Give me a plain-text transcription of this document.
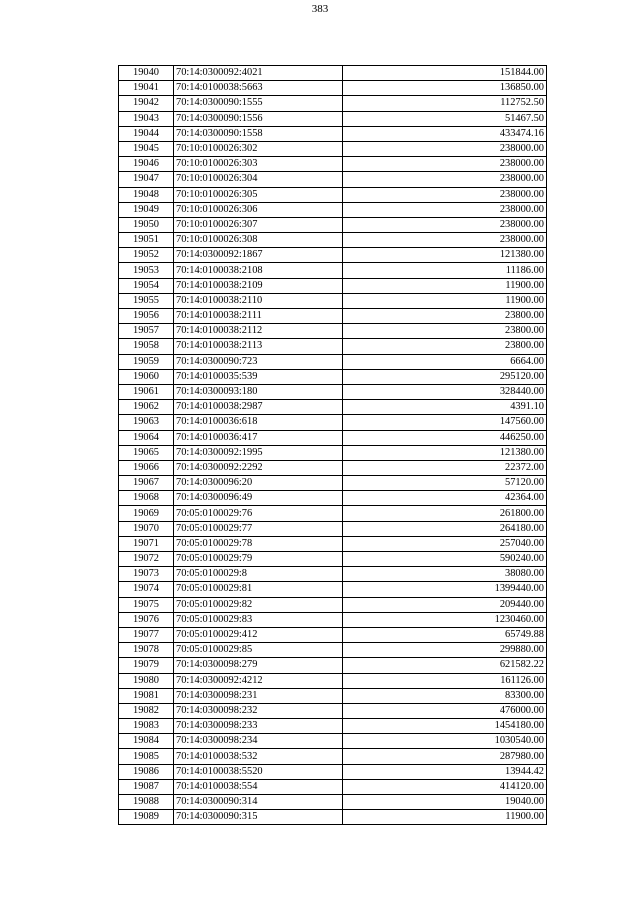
383
19040	70:14:0300092:4021	151844.00
19041	70:14:0100038:5663	136850.00
19042	70:14:0300090:1555	112752.50
19043	70:14:0300090:1556	51467.50
19044	70:14:0300090:1558	433474.16
19045	70:10:0100026:302	238000.00
19046	70:10:0100026:303	238000.00
19047	70:10:0100026:304	238000.00
19048	70:10:0100026:305	238000.00
19049	70:10:0100026:306	238000.00
19050	70:10:0100026:307	238000.00
19051	70:10:0100026:308	238000.00
19052	70:14:0300092:1867	121380.00
19053	70:14:0100038:2108	11186.00
19054	70:14:0100038:2109	11900.00
19055	70:14:0100038:2110	11900.00
19056	70:14:0100038:2111	23800.00
19057	70:14:0100038:2112	23800.00
19058	70:14:0100038:2113	23800.00
19059	70:14:0300090:723	6664.00
19060	70:14:0100035:539	295120.00
19061	70:14:0300093:180	328440.00
19062	70:14:0100038:2987	4391.10
19063	70:14:0100036:618	147560.00
19064	70:14:0100036:417	446250.00
19065	70:14:0300092:1995	121380.00
19066	70:14:0300092:2292	22372.00
19067	70:14:0300096:20	57120.00
19068	70:14:0300096:49	42364.00
19069	70:05:0100029:76	261800.00
19070	70:05:0100029:77	264180.00
19071	70:05:0100029:78	257040.00
19072	70:05:0100029:79	590240.00
19073	70:05:0100029:8	38080.00
19074	70:05:0100029:81	1399440.00
19075	70:05:0100029:82	209440.00
19076	70:05:0100029:83	1230460.00
19077	70:05:0100029:412	65749.88
19078	70:05:0100029:85	299880.00
19079	70:14:0300098:279	621582.22
19080	70:14:0300092:4212	161126.00
19081	70:14:0300098:231	83300.00
19082	70:14:0300098:232	476000.00
19083	70:14:0300098:233	1454180.00
19084	70:14:0300098:234	1030540.00
19085	70:14:0100038:532	287980.00
19086	70:14:0100038:5520	13944.42
19087	70:14:0100038:554	414120.00
19088	70:14:0300090:314	19040.00
19089	70:14:0300090:315	11900.00
